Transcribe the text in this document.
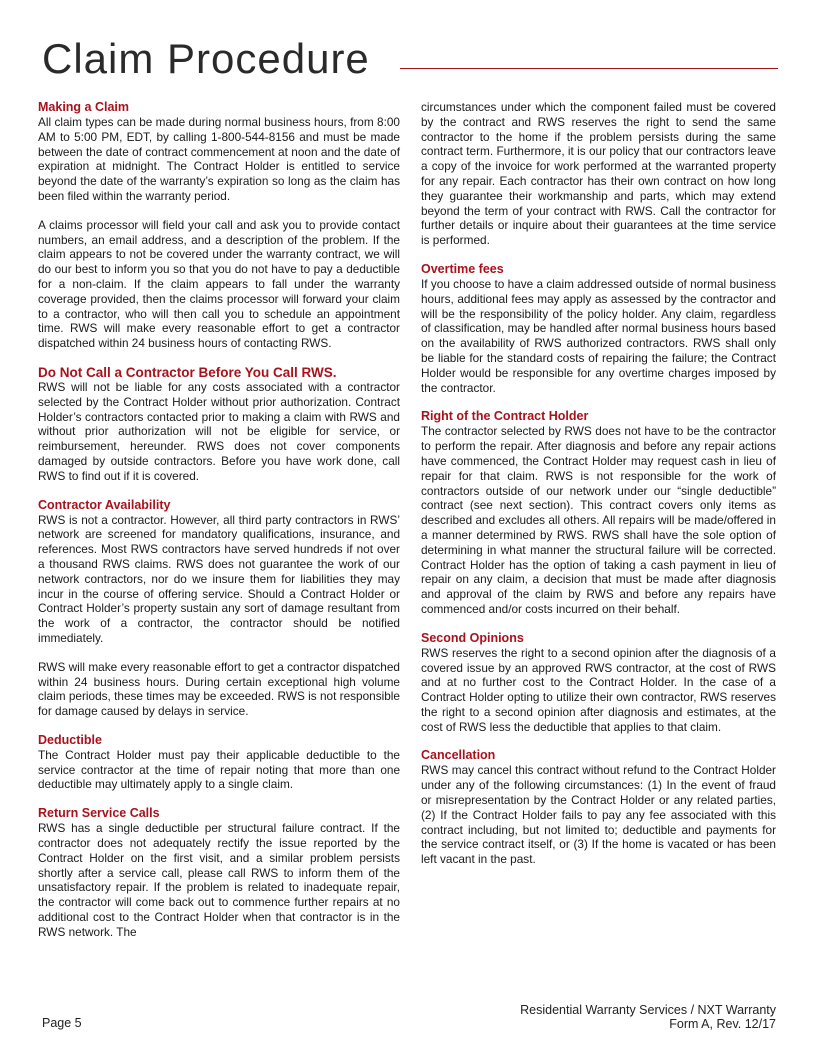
Claim Procedure
Making a Claim

All claim types can be made during normal business hours, from 8:00 AM to 5:00 PM, EDT, by calling 1-800-544-8156 and must be made between the date of contract commencement at noon and the date of expiration at midnight. The Contract Holder is entitled to service beyond the date of the warranty’s expiration so long as the claim has been filed within the warranty period.

A claims processor will field your call and ask you to provide contact numbers, an email address, and a description of the problem. If the claim appears to not be covered under the warranty contract, we will do our best to inform you so that you do not have to pay a deductible for a non-claim. If the claim appears to fall under the warranty coverage provided, then the claims processor will forward your claim to a contractor, who will then call you to schedule an appointment time. RWS will make every reasonable effort to get a contractor dispatched within 24 business hours of contacting RWS.

Do Not Call a Contractor Before You Call RWS.

RWS will not be liable for any costs associated with a contractor selected by the Contract Holder without prior authorization. Contract Holder’s contractors contacted prior to making a claim with RWS and without prior authorization will not be eligible for service, or reimbursement, hereunder. RWS does not cover components damaged by outside contractors. Before you have work done, call RWS to find out if it is covered.

Contractor Availability

RWS is not a contractor. However, all third party contractors in RWS’ network are screened for mandatory qualifications, insurance, and references. Most RWS contractors have served hundreds if not over a thousand RWS claims. RWS does not guarantee the work of our network contractors, nor do we insure them for liabilities they may incur in the course of offering service. Should a Contract Holder or Contract Holder’s property sustain any sort of damage resultant from the work of a contractor, the contractor should be notified immediately.

RWS will make every reasonable effort to get a contractor dispatched within 24 business hours. During certain exceptional high volume claim periods, these times may be exceeded. RWS is not responsible for damage caused by delays in service.

Deductible

The Contract Holder must pay their applicable deductible to the service contractor at the time of repair noting that more than one deductible may ultimately apply to a single claim.

Return Service Calls

RWS has a single deductible per structural failure contract. If the contractor does not adequately rectify the issue reported by the Contract Holder on the first visit, and a similar problem persists shortly after a service call, please call RWS to inform them of the unsatisfactory repair. If the problem is related to inadequate repair, the contractor will come back out to commence further repairs at no additional cost to the Contract Holder when that contractor is in the RWS network. The

circumstances under which the component failed must be covered by the contract and RWS reserves the right to send the same contractor to the home if the problem persists during the same contract term. Furthermore, it is our policy that our contractors leave a copy of the invoice for work performed at the warranted property for any repair. Each contractor has their own contract on how long they guarantee their workmanship and parts, which may extend beyond the term of your contract with RWS. Call the contractor for further details or inquire about their guarantees at the time service is performed.

Overtime fees

If you choose to have a claim addressed outside of normal business hours, additional fees may apply as assessed by the contractor and will be the responsibility of the policy holder. Any claim, regardless of classification, may be handled after normal business hours based on the availability of RWS authorized contractors. RWS shall only be liable for the standard costs of repairing the failure; the Contract Holder would be responsible for any overtime charges imposed by the contractor.

Right of the Contract Holder

The contractor selected by RWS does not have to be the contractor to perform the repair. After diagnosis and before any repair actions have commenced, the Contract Holder may request cash in lieu of repair for that claim. RWS is not responsible for the work of contractors outside of our network under our “single deductible” contract (see next section). This contract covers only items as described and excludes all others. All repairs will be made/offered in a manner determined by RWS. RWS shall have the sole option of determining in what manner the structural failure will be corrected. Contract Holder has the option of taking a cash payment in lieu of repair on any claim, a decision that must be made after diagnosis and approval of the claim by RWS and before any repairs have commenced and/or costs incurred on their behalf.

Second Opinions

RWS reserves the right to a second opinion after the diagnosis of a covered issue by an approved RWS contractor, at the cost of RWS and at no further cost to the Contract Holder. In the case of a Contract Holder opting to utilize their own contractor, RWS reserves the right to a second opinion after diagnosis and estimates, at the cost of RWS less the deductible that applies to that claim.

Cancellation

RWS may cancel this contract without refund to the Contract Holder under any of the following circumstances: (1) In the event of fraud or misrepresentation by the Contract Holder or any related parties, (2) If the Contract Holder fails to pay any fee associated with this contract including, but not limited to; deductible and payments for the service contract itself, or (3) If the home is vacated or has been left vacant in the past.

Page 5
Residential Warranty Services / NXT Warranty
Form A, Rev. 12/17
